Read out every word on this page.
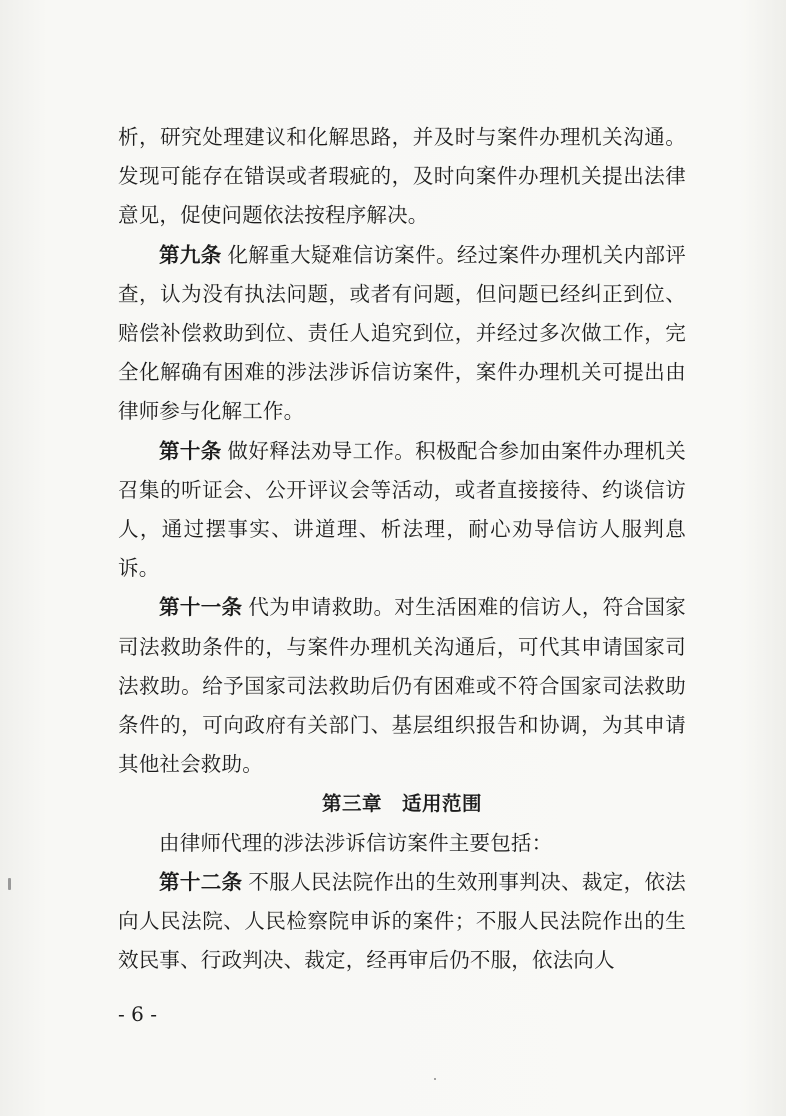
析，研究处理建议和化解思路，并及时与案件办理机关沟通。发现可能存在错误或者瑕疵的，及时向案件办理机关提出法律意见，促使问题依法按程序解决。

第九条 化解重大疑难信访案件。经过案件办理机关内部评查，认为没有执法问题，或者有问题，但问题已经纠正到位、赔偿补偿救助到位、责任人追究到位，并经过多次做工作，完全化解确有困难的涉法涉诉信访案件，案件办理机关可提出由律师参与化解工作。

第十条 做好释法劝导工作。积极配合参加由案件办理机关召集的听证会、公开评议会等活动，或者直接接待、约谈信访人，通过摆事实、讲道理、析法理，耐心劝导信访人服判息诉。

第十一条 代为申请救助。对生活困难的信访人，符合国家司法救助条件的，与案件办理机关沟通后，可代其申请国家司法救助。给予国家司法救助后仍有困难或不符合国家司法救助条件的，可向政府有关部门、基层组织报告和协调，为其申请其他社会救助。

第三章　适用范围

由律师代理的涉法涉诉信访案件主要包括：

第十二条 不服人民法院作出的生效刑事判决、裁定，依法向人民法院、人民检察院申诉的案件；不服人民法院作出的生效民事、行政判决、裁定，经再审后仍不服，依法向人

- 6 -
